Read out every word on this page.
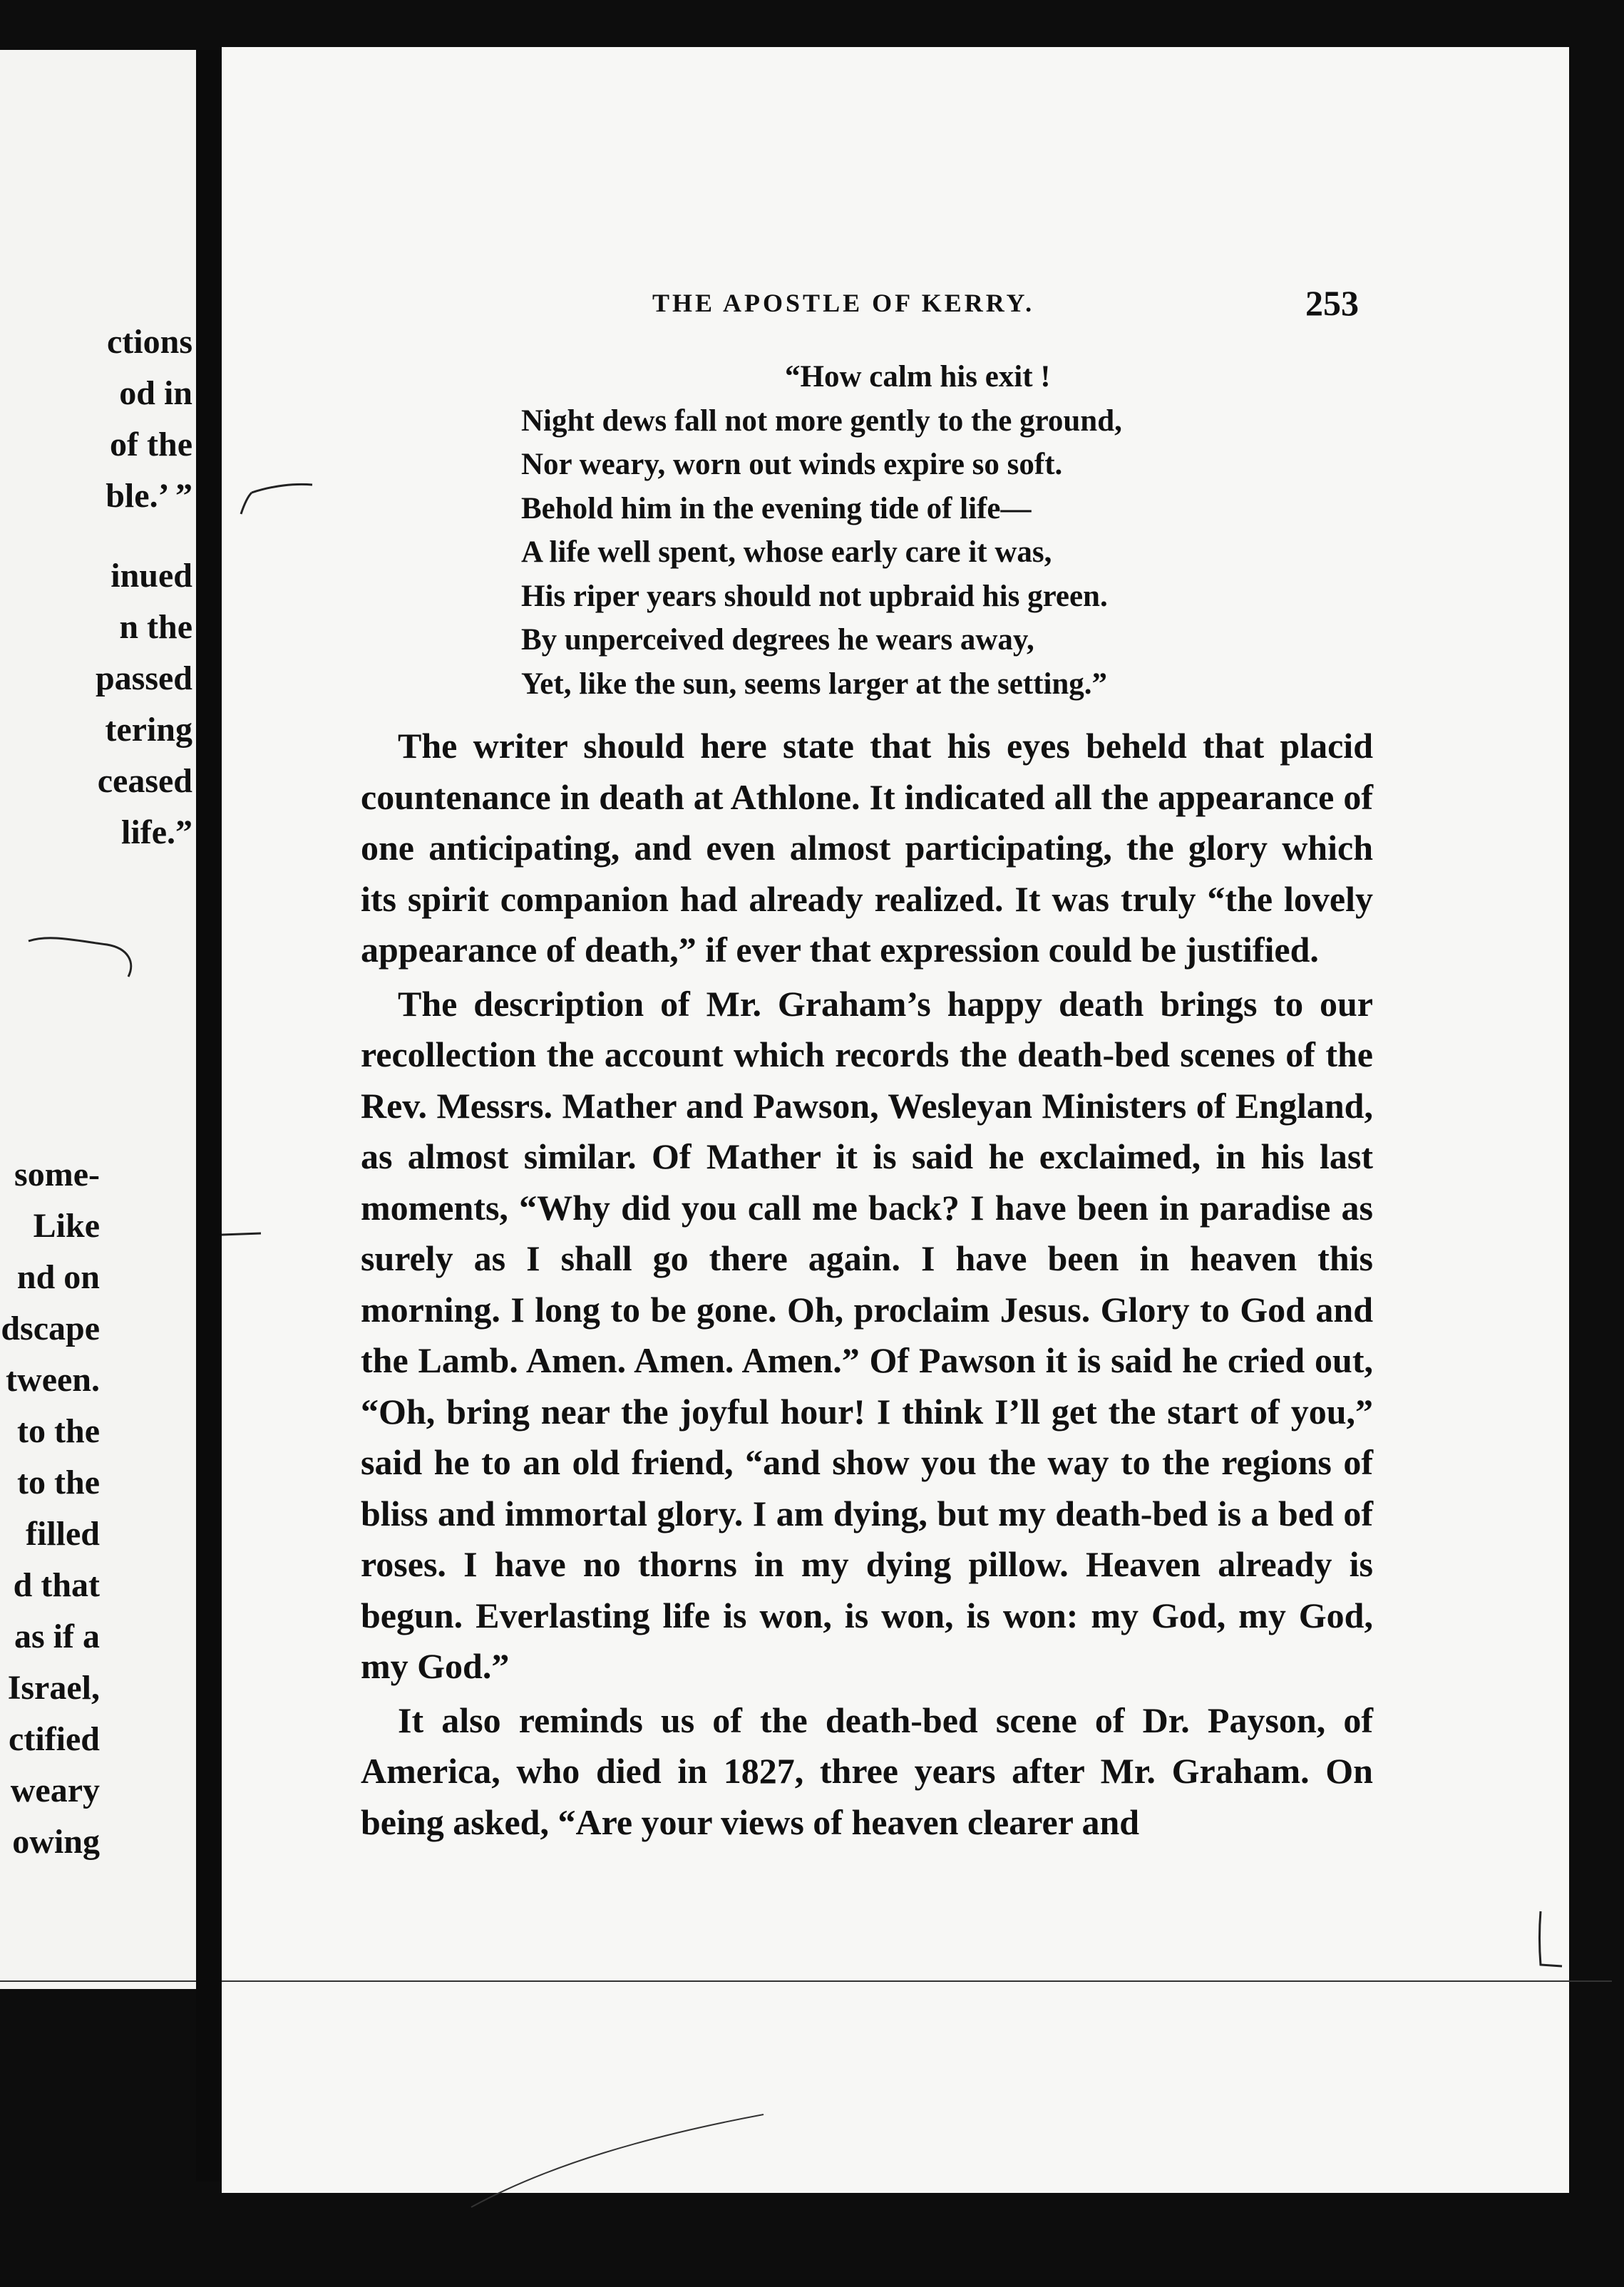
ctions
od in
of the
ble.’ ”
inued
n the
passed
tering
ceased
life.”
some-
Like
nd on
dscape
tween.
to the
to the
filled
d that
as if a
Israel,
ctified
weary
owing
THE APOSTLE OF KERRY.	253
“How calm his exit !
Night dews fall not more gently to the ground,
Nor weary, worn out winds expire so soft.
Behold him in the evening tide of life—
A life well spent, whose early care it was,
His riper years should not upbraid his green.
By unperceived degrees he wears away,
Yet, like the sun, seems larger at the setting.”

The writer should here state that his eyes beheld that placid countenance in death at Athlone. It indicated all the appearance of one anticipating, and even almost participating, the glory which its spirit companion had already realized. It was truly “the lovely appearance of death,” if ever that expression could be justified.

The description of Mr. Graham’s happy death brings to our recollection the account which records the death-bed scenes of the Rev. Messrs. Mather and Pawson, Wesleyan Ministers of England, as almost similar. Of Mather it is said he exclaimed, in his last moments, “Why did you call me back? I have been in paradise as surely as I shall go there again. I have been in heaven this morning. I long to be gone. Oh, proclaim Jesus. Glory to God and the Lamb. Amen. Amen. Amen.” Of Pawson it is said he cried out, “Oh, bring near the joyful hour! I think I’ll get the start of you,” said he to an old friend, “and show you the way to the regions of bliss and immortal glory. I am dying, but my death-bed is a bed of roses. I have no thorns in my dying pillow. Heaven already is begun. Everlasting life is won, is won, is won: my God, my God, my God.”

It also reminds us of the death-bed scene of Dr. Payson, of America, who died in 1827, three years after Mr. Graham. On being asked, “Are your views of heaven clearer and
